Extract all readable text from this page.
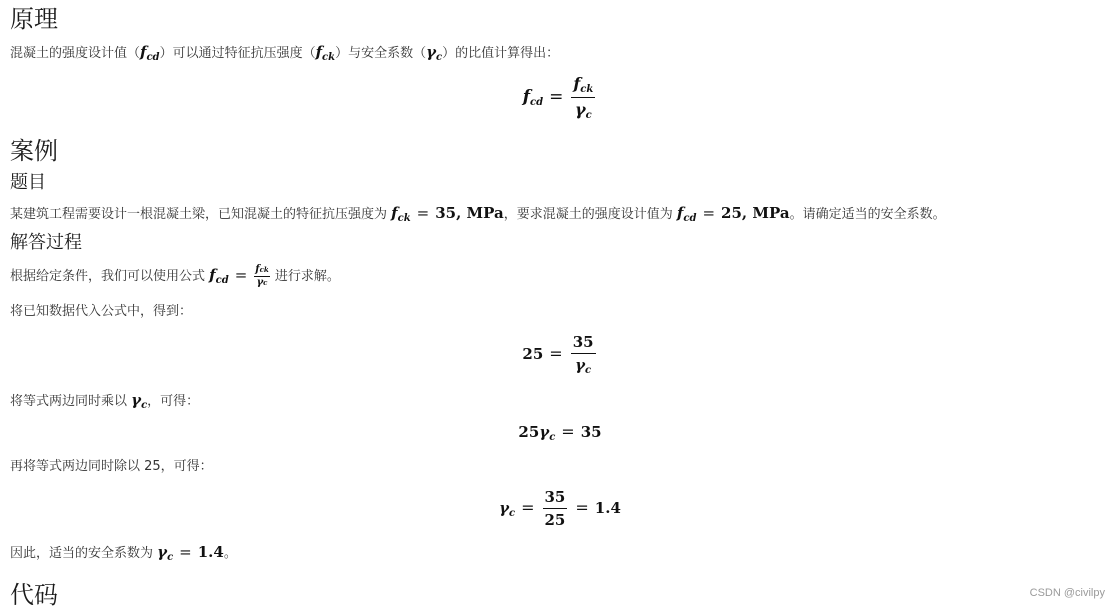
原理
混凝土的强度设计值$(f_{cd})$可以通过特征抗压强度$(f_{ck})$与安全系数$(\gamma_c)$的比值计算得出：
$f_{cd} = \frac{f_{ck}}{\gamma_c}$
案例
题目
某建筑工程需要设计一根混凝土梁，已知混凝土的特征抗压强度为 $f_{ck} = 35$, MPa，要求混凝土的强度设计值为 $f_{cd} = 25$, MPa。请确定适当的安全系数。
解答过程
根据给定条件，我们可以使用公式 $f_{cd} = \frac{\text{fck}}{\gamma c}$ 进行求解。
将已知数据代入公式中，得到：
$25 = \frac{35}{\gamma_c}$
将等式两边同时乘以 $\gamma_c$，可得：
$25\gamma_c = 35$
再将等式两边同时除以 25，可得：
$\gamma_c = \frac{35}{25} = 1.4$
因此，适当的安全系数为 $\gamma_c = 1.4$。
代码	CSDN @civilpy
